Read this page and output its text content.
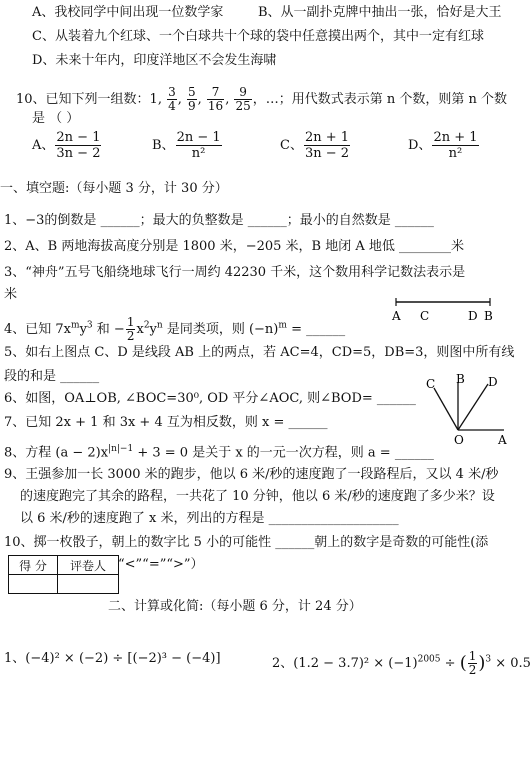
A、我校同学中间出现一位数学家	B、从一副扑克牌中抽出一张，恰好是大王
C、从装着九个红球、一个白球共十个球的袋中任意摸出两个，其中一定有红球
D、未来十年内，印度洋地区不会发生海啸
10、已知下列一组数：1, $\frac{3}{4}$ , $\frac{5}{9}$ , $\frac{7}{16}$ , $\frac{9}{25}$ ，…；用代数式表示第 n 个数，则第 n 个数
是 （ ）
A、 $\frac{2n - 1}{3n - 2}$	B、 $\frac{2n - 1}{\text{n²}}$	C、 $\frac{2n + 1}{3n - 2}$	D、 $\frac{2n + 1}{\text{n²}}$
一、填空题:（每小题 3 分，计 30 分）
1、−3的倒数是 ______；最大的负整数是 ______；最小的自然数是 ______
2、A、B 两地海拔高度分别是 1800 米，−205 米，B 地闭 A 地低 ________米
3、“神舟”五号飞船绕地球飞行一周约 42230 千米，这个数用科学记数法表示是
米
A C	D B
4、已知 $7x^my^3$ 和 − $\frac{1}{2} x^2y^n$ 是同类项，则 $(-n)^m$ = ______
5、如右上图点 C、D 是线段 AB 上的两点，若 AC=4，CD=5，DB=3，则图中所有线
段的和是 ______	C B D
O	A
6、如图，OA⊥OB, ∠BOC=30⁰, OD 平分∠AOC, 则∠BOD= ______
7、已知 2x + 1 和 3x + 4 互为相反数，则 x = ______
8、方程 $(a - 2)x^{|n|-1} + 3 = 0$ 是关于 x 的一元一次方程，则 a = ______
9、王强参加一长 3000 米的跑步，他以 6 米/秒的速度跑了一段路程后，又以 4 米/秒
的速度跑完了其余的路程，一共花了 10 分钟，他以 6 米/秒的速度跑了多少米？设
以 6 米/秒的速度跑了 x 米，列出的方程是 ____________________
10、掷一枚骰子，朝上的数字比 5 小的可能性 ______朝上的数字是奇数的可能性(添
“<”“=”“>”）
得 分	评卷人

二、计算或化简:（每小题 6 分，计 24 分）
1、(−4)² × (−2) ÷ [(−2)³ − (−4)]	2、$(1.2 - 3.7)^2 \times (-1)^{2005}$ ÷ ( $\frac{1}{2} )^3 \times 0.5$
